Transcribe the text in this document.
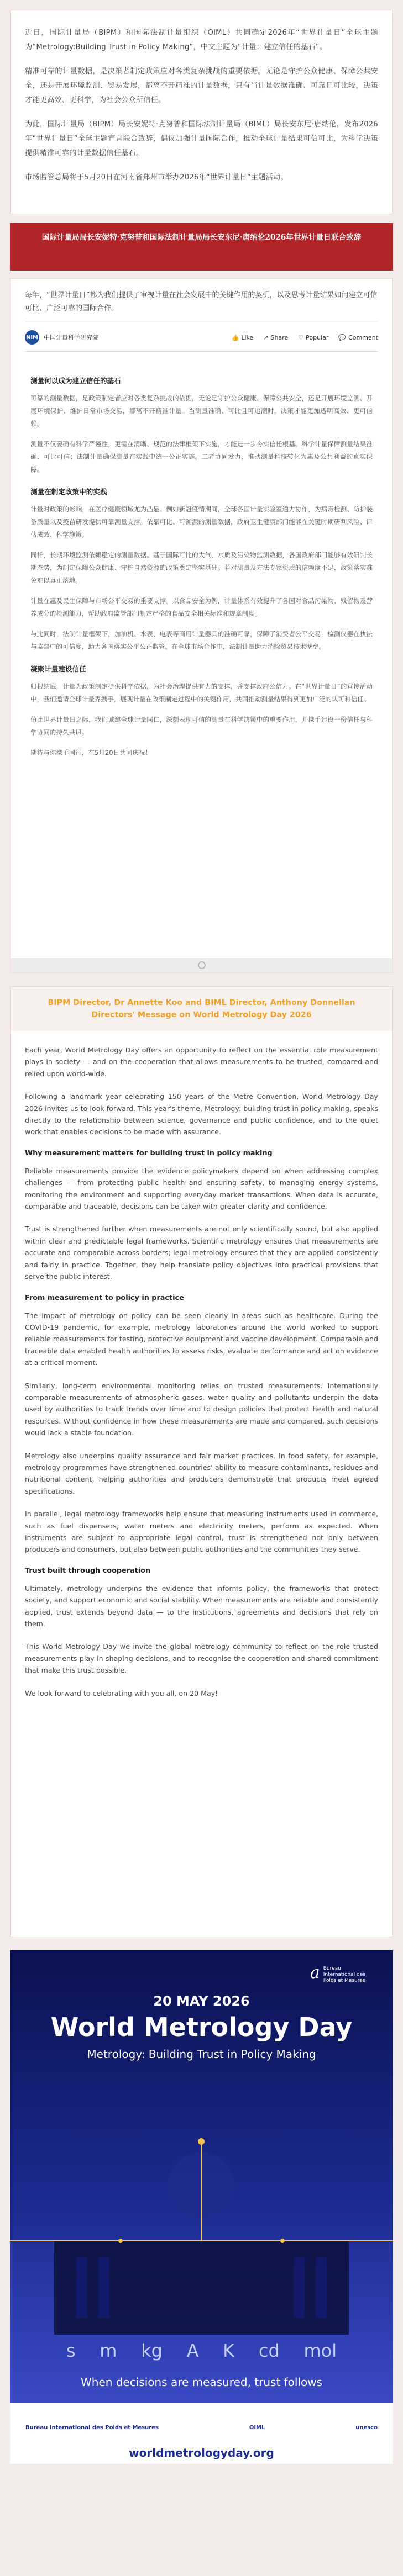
近日，国际计量局（BIPM）和国际法制计量组织（OIML）共同确定2026年“世界计量日”全球主题为“Metrology:Building Trust in Policy Making”，中文主题为“计量：建立信任的基石”。

精准可靠的计量数据，是决策者制定政策应对各类复杂挑战的重要依据。无论是守护公众健康、保障公共安全，还是开展环境监测、贸易发展，都离不开精准的计量数据，只有当计量数据准确、可靠且可比较，决策才能更高效、更科学，为社会公众所信任。

为此，国际计量局（BIPM）局长安妮特·克努普和国际法制计量局（BIML）局长安东尼·唐纳伦，发布2026年“世界计量日”全球主题宣言联合致辞，倡议加强计量国际合作，推动全球计量结果可信可比，为科学决策提供精准可靠的计量数据信任基石。

市场监管总局将于5月20日在河南省郑州市举办2026年“世界计量日”主题活动。

国际计量局局长安妮特·克努普和国际法制计量局局长安东尼·唐纳伦2026年世界计量日联合致辞

每年，“世界计量日”都为我们提供了审视计量在社会发展中的关键作用的契机，以及思考计量结果如何建立可信可比、广泛可靠的国际合作。

NIM 中国计量科学研究院	👍 Like ↗ Share ♡ Popular 💬 Comment
测量何以成为建立信任的基石

可靠的测量数据，是政策制定者应对各类复杂挑战的依据，无论是守护公众健康、保障公共安全，还是开展环境监测、开展环境保护、维护日常市场交易，都离不开精准计量。当测量准确、可比且可追溯时，决策才能更加透明高效、更可信赖。

测量不仅要确有科学严谨性，更需在清晰、规范的法律框架下实施，才能进一步夯实信任根基。科学计量保障测量结果准确、可比可信；法制计量确保测量在实践中统一公正实施。二者协同发力，推动测量科技转化为惠及公共利益的真实保障。

测量在制定政策中的实践

计量对政策的影响，在医疗健康领域尤为凸显。例如新冠疫情期间，全球各国计量实验室通力协作，为病毒检测、防护装备质量以及疫苗研发提供可靠测量支撑。依靠可比、可溯源的测量数据，政府卫生健康部门能够在关键时期研判风险、评估成效、科学施策。

同样，长期环境监测依赖稳定的测量数据。基于国际可比的大气、水质及污染物监测数据，各国政府部门能够有效研判长期态势，为制定保障公众健康、守护自然资源的政策奠定坚实基础。若对测量及方法专家资质的信赖度不足，政策落实难免难以真正落地。

计量在惠及民生保障与市场公平交易的重要支撑。以食品安全为例，计量体系有效提升了各国对食品污染物、残留物及营养成分的检测能力，帮助政府监管部门制定严格的食品安全相关标准和规章制度。

与此同时，法制计量框架下，加油机、水表、电表等商用计量器具的准确可靠，保障了消费者公平交易，检测仪器在执法与监督中的可信度，助力各国落实公平公正监管。在全球市场合作中，法制计量助力消除贸易技术壁垒。

凝聚计量建设信任

归根结底，计量为政策制定提供科学依据，为社会治理提供有力的支撑，并支撑政府公信力。在“世界计量日”的宣传活动中，我们邀请全球计量界携手，展现计量在政策制定过程中的关键作用，共同推动测量结果得到更加广泛的认可和信任。

值此世界计量日之际，我们诚邀全球计量同仁，深刻表现可信的测量在科学决策中的重要作用，并携手建设一份信任与科学协同的持久共识。

期待与你携手同行，在5月20日共同庆祝！

BIPM Director, Dr Annette Koo and BIML Director, Anthony Donnellan Directors' Message on World Metrology Day 2026

Each year, World Metrology Day offers an opportunity to reflect on the essential role measurement plays in society — and on the cooperation that allows measurements to be trusted, compared and relied upon world-wide.

Following a landmark year celebrating 150 years of the Metre Convention, World Metrology Day 2026 invites us to look forward. This year's theme, Metrology: building trust in policy making, speaks directly to the relationship between science, governance and public confidence, and to the quiet work that enables decisions to be made with assurance.

Why measurement matters for building trust in policy making

Reliable measurements provide the evidence policymakers depend on when addressing complex challenges — from protecting public health and ensuring safety, to managing energy systems, monitoring the environment and supporting everyday market transactions. When data is accurate, comparable and traceable, decisions can be taken with greater clarity and confidence.

Trust is strengthened further when measurements are not only scientifically sound, but also applied within clear and predictable legal frameworks. Scientific metrology ensures that measurements are accurate and comparable across borders; legal metrology ensures that they are applied consistently and fairly in practice. Together, they help translate policy objectives into practical provisions that serve the public interest.

From measurement to policy in practice

The impact of metrology on policy can be seen clearly in areas such as healthcare. During the COVID-19 pandemic, for example, metrology laboratories around the world worked to support reliable measurements for testing, protective equipment and vaccine development. Comparable and traceable data enabled health authorities to assess risks, evaluate performance and act on evidence at a critical moment.

Similarly, long-term environmental monitoring relies on trusted measurements. Internationally comparable measurements of atmospheric gases, water quality and pollutants underpin the data used by authorities to track trends over time and to design policies that protect health and natural resources. Without confidence in how these measurements are made and compared, such decisions would lack a stable foundation.

Metrology also underpins quality assurance and fair market practices. In food safety, for example, metrology programmes have strengthened countries' ability to measure contaminants, residues and nutritional content, helping authorities and producers demonstrate that products meet agreed specifications.

In parallel, legal metrology frameworks help ensure that measuring instruments used in commerce, such as fuel dispensers, water meters and electricity meters, perform as expected. When instruments are subject to appropriate legal control, trust is strengthened not only between producers and consumers, but also between public authorities and the communities they serve.

Trust built through cooperation

Ultimately, metrology underpins the evidence that informs policy, the frameworks that protect society, and support economic and social stability. When measurements are reliable and consistently applied, trust extends beyond data — to the institutions, agreements and decisions that rely on them.

This World Metrology Day we invite the global metrology community to reflect on the role trusted measurements play in shaping decisions, and to recognise the cooperation and shared commitment that make this trust possible.

We look forward to celebrating with you all, on 20 May!

a Bureau
International des
Poids et Mesures
20 MAY 2026
World Metrology Day
Metrology: Building Trust in Policy Making
s m kg A K cd mol
When decisions are measured, trust follows
Bureau International des Poids et Mesures	OIML	unesco
worldmetrologyday.org
